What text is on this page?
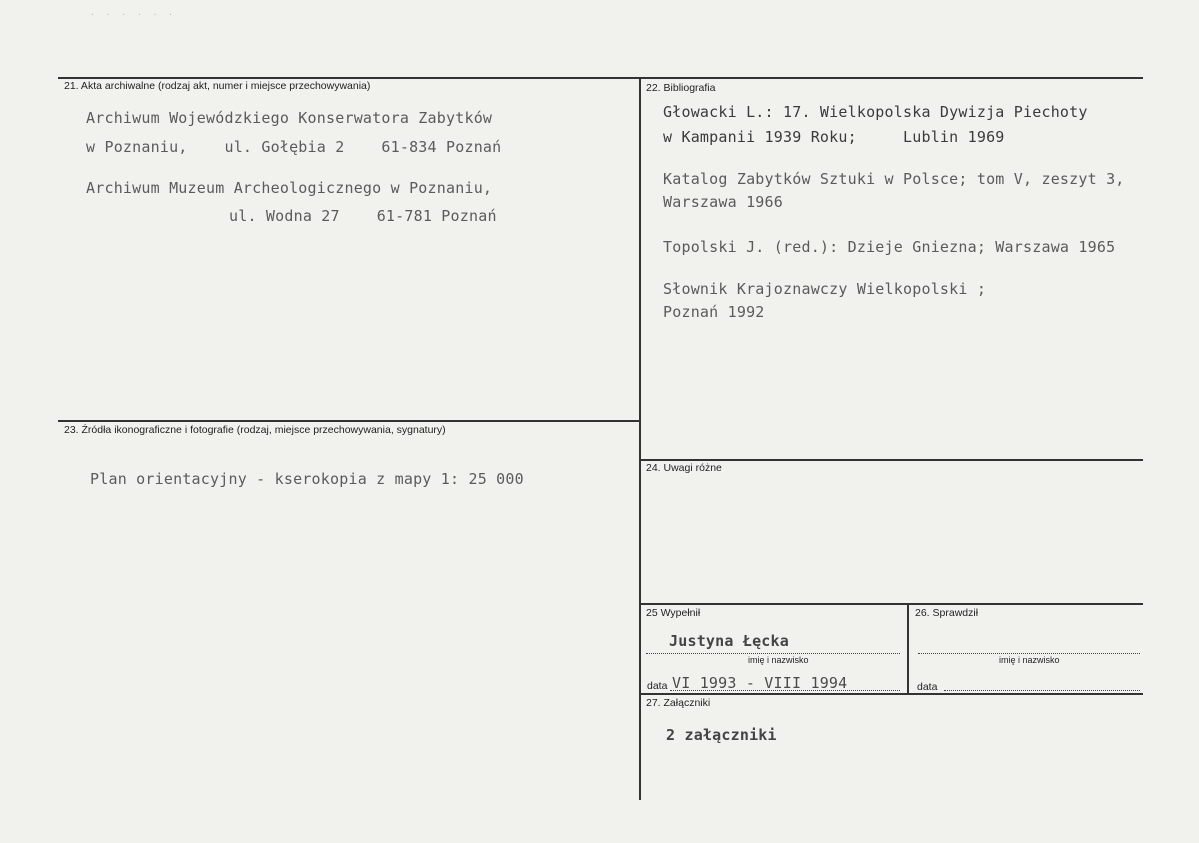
· · · · · ·
21. Akta archiwalne (rodzaj akt, numer i miejsce przechowywania)
Archiwum Wojewódzkiego Konserwatora Zabytków
w Poznaniu,    ul. Gołębia 2    61-834 Poznań
Archiwum Muzeum Archeologicznego w Poznaniu,
ul. Wodna 27    61-781 Poznań
22. Bibliografia
Głowacki L.: 17. Wielkopolska Dywizja Piechoty
w Kampanii 1939 Roku;     Lublin 1969
Katalog Zabytków Sztuki w Polsce; tom V, zeszyt 3,
Warszawa 1966
Topolski J. (red.): Dzieje Gniezna; Warszawa 1965
Słownik Krajoznawczy Wielkopolski ;
Poznań 1992
23. Źródła ikonograficzne i fotografie (rodzaj, miejsce przechowywania, sygnatury)
Plan orientacyjny - kserokopia z mapy 1: 25 000
24. Uwagi różne
25 Wypełnił
Justyna Łęcka
imię i nazwisko
data VI 1993 - VIII 1994
26. Sprawdził
imię i nazwisko
data
27. Załączniki
2 załączniki
